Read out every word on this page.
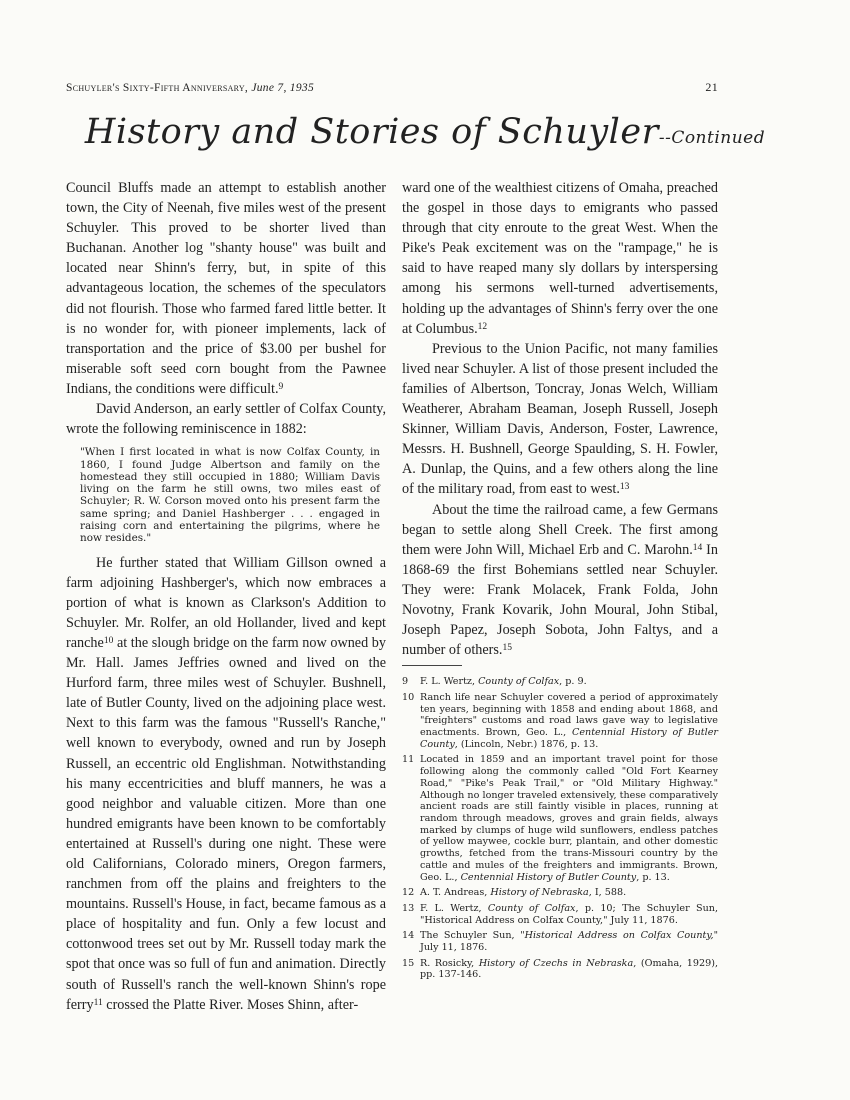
Schuyler's Sixty-Fifth Anniversary, June 7, 1935	21
History and Stories of Schuyler--Continued

Council Bluffs made an attempt to establish another town, the City of Neenah, five miles west of the present Schuyler. This proved to be shorter lived than Buchanan. Another log "shanty house" was built and located near Shinn's ferry, but, in spite of this advantageous location, the schemes of the speculators did not flourish. Those who farmed fared little better. It is no wonder for, with pioneer implements, lack of transportation and the price of $3.00 per bushel for miserable soft seed corn bought from the Pawnee Indians, the conditions were difficult.$^9$

David Anderson, an early settler of Colfax County, wrote the following reminiscence in 1882:

"When I first located in what is now Colfax County, in 1860, I found Judge Albertson and family on the homestead they still occupied in 1880; William Davis living on the farm he still owns, two miles east of Schuyler; R. W. Corson moved onto his present farm the same spring; and Daniel Hashberger . . . engaged in raising corn and entertaining the pilgrims, where he now resides."

He further stated that William Gillson owned a farm adjoining Hashberger's, which now embraces a portion of what is known as Clarkson's Addition to Schuyler. Mr. Rolfer, an old Hollander, lived and kept ranche$^{10}$ at the slough bridge on the farm now owned by Mr. Hall. James Jeffries owned and lived on the Hurford farm, three miles west of Schuyler. Bushnell, late of Butler County, lived on the adjoining place west. Next to this farm was the famous "Russell's Ranche," well known to everybody, owned and run by Joseph Russell, an eccentric old Englishman. Notwithstanding his many eccentricities and bluff manners, he was a good neighbor and valuable citizen. More than one hundred emigrants have been known to be comfortably entertained at Russell's during one night. These were old Californians, Colorado miners, Oregon farmers, ranchmen from off the plains and freighters to the mountains. Russell's House, in fact, became famous as a place of hospitality and fun. Only a few locust and cottonwood trees set out by Mr. Russell today mark the spot that once was so full of fun and animation. Directly south of Russell's ranch the well-known Shinn's rope ferry$^{11}$ crossed the Platte River. Moses Shinn, after-

ward one of the wealthiest citizens of Omaha, preached the gospel in those days to emigrants who passed through that city enroute to the great West. When the Pike's Peak excitement was on the "rampage," he is said to have reaped many sly dollars by interspersing among his sermons well-turned advertisements, holding up the advantages of Shinn's ferry over the one at Columbus.$^{12}$

Previous to the Union Pacific, not many families lived near Schuyler. A list of those present included the families of Albertson, Toncray, Jonas Welch, William Weatherer, Abraham Beaman, Joseph Russell, Joseph Skinner, William Davis, Anderson, Foster, Lawrence, Messrs. H. Bushnell, George Spaulding, S. H. Fowler, A. Dunlap, the Quins, and a few others along the line of the military road, from east to west.$^{13}$

About the time the railroad came, a few Germans began to settle along Shell Creek. The first among them were John Will, Michael Erb and C. Marohn.$^{14}$ In 1868-69 the first Bohemians settled near Schuyler. They were: Frank Molacek, Frank Folda, John Novotny, Frank Kovarik, John Moural, John Stibal, Joseph Papez, Joseph Sobota, John Faltys, and a number of others.$^{15}$

9	F. L. Wertz, County of Colfax, p. 9.
10 Ranch life near Schuyler covered a period of approximately ten years, beginning with 1858 and ending about 1868, and "freighters" customs and road laws gave way to legislative enactments. Brown, Geo. L., Centennial History of Butler County, (Lincoln, Nebr.) 1876, p. 13.
11 Located in 1859 and an important travel point for those following along the commonly called "Old Fort Kearney Road," "Pike's Peak Trail," or "Old Military Highway." Although no longer traveled extensively, these comparatively ancient roads are still faintly visible in places, running at random through meadows, groves and grain fields, always marked by clumps of huge wild sunflowers, endless patches of yellow maywee, cockle burr, plantain, and other domestic growths, fetched from the trans-Missouri country by the cattle and mules of the freighters and immigrants. Brown, Geo. L., Centennial History of Butler County, p. 13.
12 A. T. Andreas, History of Nebraska, I, 588.
13 F. L. Wertz, County of Colfax, p. 10; The Schuyler Sun, "Historical Address on Colfax County," July 11, 1876.
14 The Schuyler Sun, "Historical Address on Colfax County," July 11, 1876.
15 R. Rosicky, History of Czechs in Nebraska, (Omaha, 1929), pp. 137-146.
